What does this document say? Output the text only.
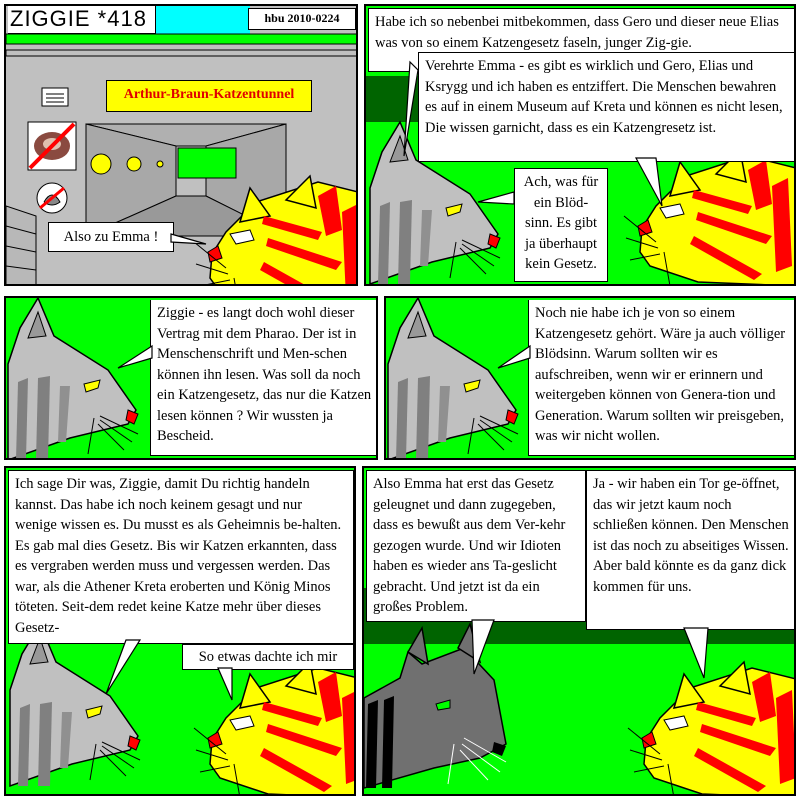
ZIGGIE *418	hbu 2010-0224
Arthur-Braun-Katzentunnel
Also zu Emma !
Habe ich so nebenbei mitbekommen, dass Gero und dieser neue Elias was von so einem Katzengesetz faseln, junger Zig-gie.
Verehrte Emma - es gibt es wirklich und Gero, Elias und Ksrygg und ich haben es entziffert. Die Menschen bewahren es auf in einem Museum auf Kreta und können es nicht lesen, Die wissen garnicht, dass es ein Katzengresetz ist.
Ach, was für ein Blöd-sinn. Es gibt ja überhaupt kein Gesetz.
Ziggie - es langt doch wohl dieser Vertrag mit dem Pharao. Der ist in Menschenschrift und Men-schen können ihn lesen. Was soll da noch ein Katzengesetz, das nur die Katzen lesen können ? Wir wussten ja Bescheid.
Noch nie habe ich je von so einem Katzengesetz gehört. Wäre ja auch völliger Blödsinn. Warum sollten wir es aufschreiben, wenn wir er erinnern und weitergeben können von Genera-tion und Generation. Warum sollten wir preisgeben, was wir nicht wollen.
Ich sage Dir was, Ziggie, damit Du richtig handeln kannst. Das habe ich noch keinem gesagt und nur wenige wissen es. Du musst es als Geheimnis be-halten. Es gab mal dies Gesetz. Bis wir Katzen erkannten, dass es vergraben werden muss und vergessen werden. Das war, als die Athener Kreta eroberten und König Minos töteten. Seit-dem redet keine Katze mehr über dieses Gesetz-
So etwas dachte ich mir
Also Emma hat erst das Gesetz geleugnet und dann zugegeben, dass es bewußt aus dem Ver-kehr gezogen wurde. Und wir Idioten haben es wieder ans Ta-geslicht gebracht. Und jetzt ist da ein großes Problem.
Ja - wir haben ein Tor ge-öffnet, das wir jetzt kaum noch schließen können. Den Menschen ist das noch zu abseitiges Wissen. Aber bald könnte es da ganz dick kommen für uns.
